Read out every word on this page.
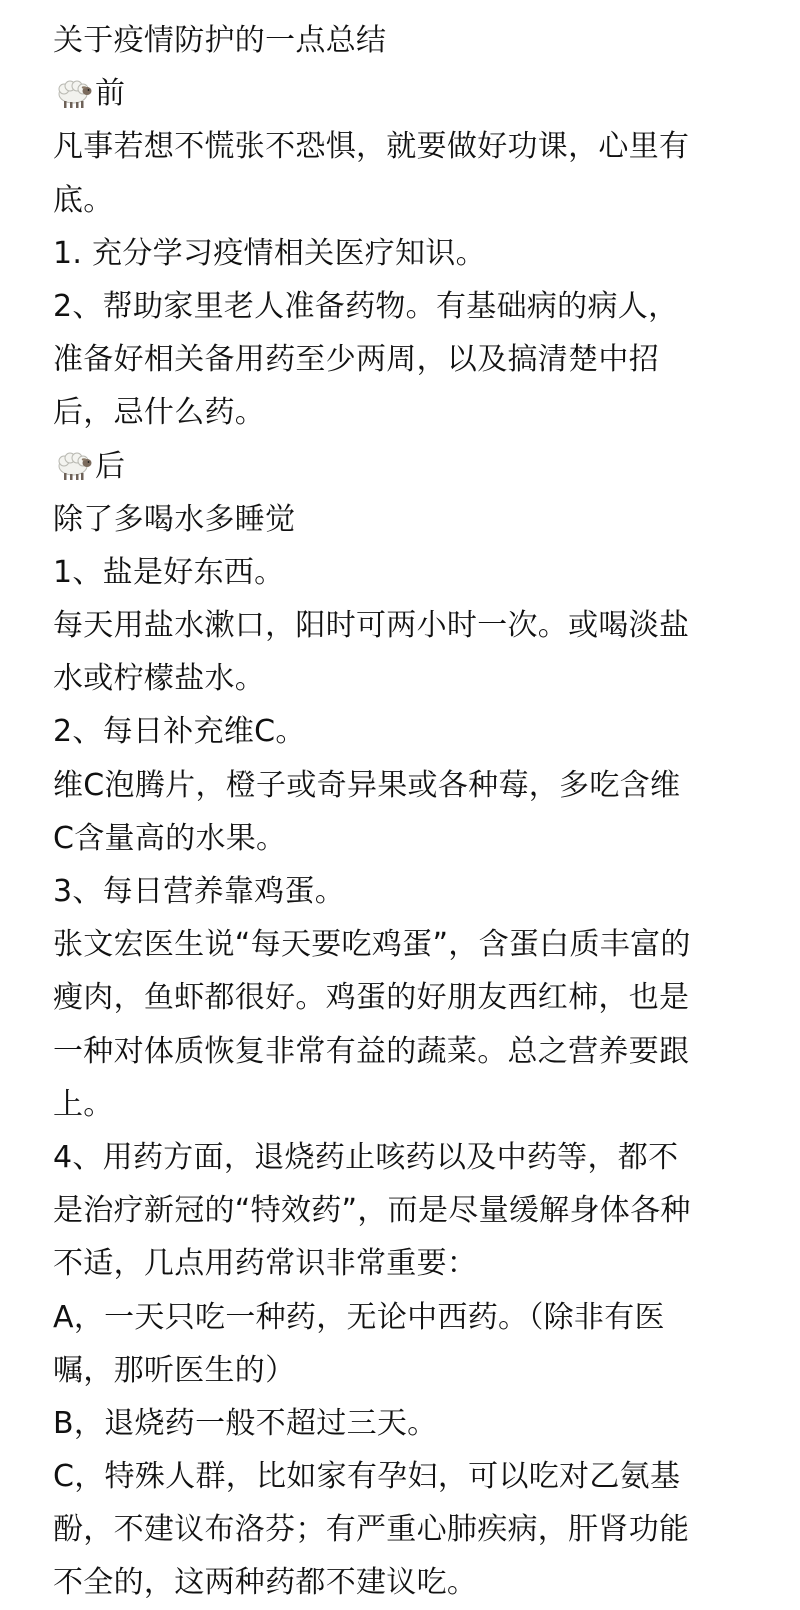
关于疫情防护的一点总结
前
凡事若想不慌张不恐惧，就要做好功课，心里有
底。
1. 充分学习疫情相关医疗知识。
2、帮助家里老人准备药物。有基础病的病人，
准备好相关备用药至少两周，以及搞清楚中招
后，忌什么药。
后
除了多喝水多睡觉
1、盐是好东西。
每天用盐水漱口，阳时可两小时一次。或喝淡盐
水或柠檬盐水。
2、每日补充维C。
维C泡腾片，橙子或奇异果或各种莓，多吃含维
C含量高的水果。
3、每日营养靠鸡蛋。
张文宏医生说“每天要吃鸡蛋”，含蛋白质丰富的
瘦肉，鱼虾都很好。鸡蛋的好朋友西红柿，也是
一种对体质恢复非常有益的蔬菜。总之营养要跟
上。
4、用药方面，退烧药止咳药以及中药等，都不
是治疗新冠的“特效药”，而是尽量缓解身体各种
不适，几点用药常识非常重要：
A，一天只吃一种药，无论中西药。（除非有医
嘱，那听医生的）
B，退烧药一般不超过三天。
C，特殊人群，比如家有孕妇，可以吃对乙氨基
酚，不建议布洛芬；有严重心肺疾病，肝肾功能
不全的，这两种药都不建议吃。
